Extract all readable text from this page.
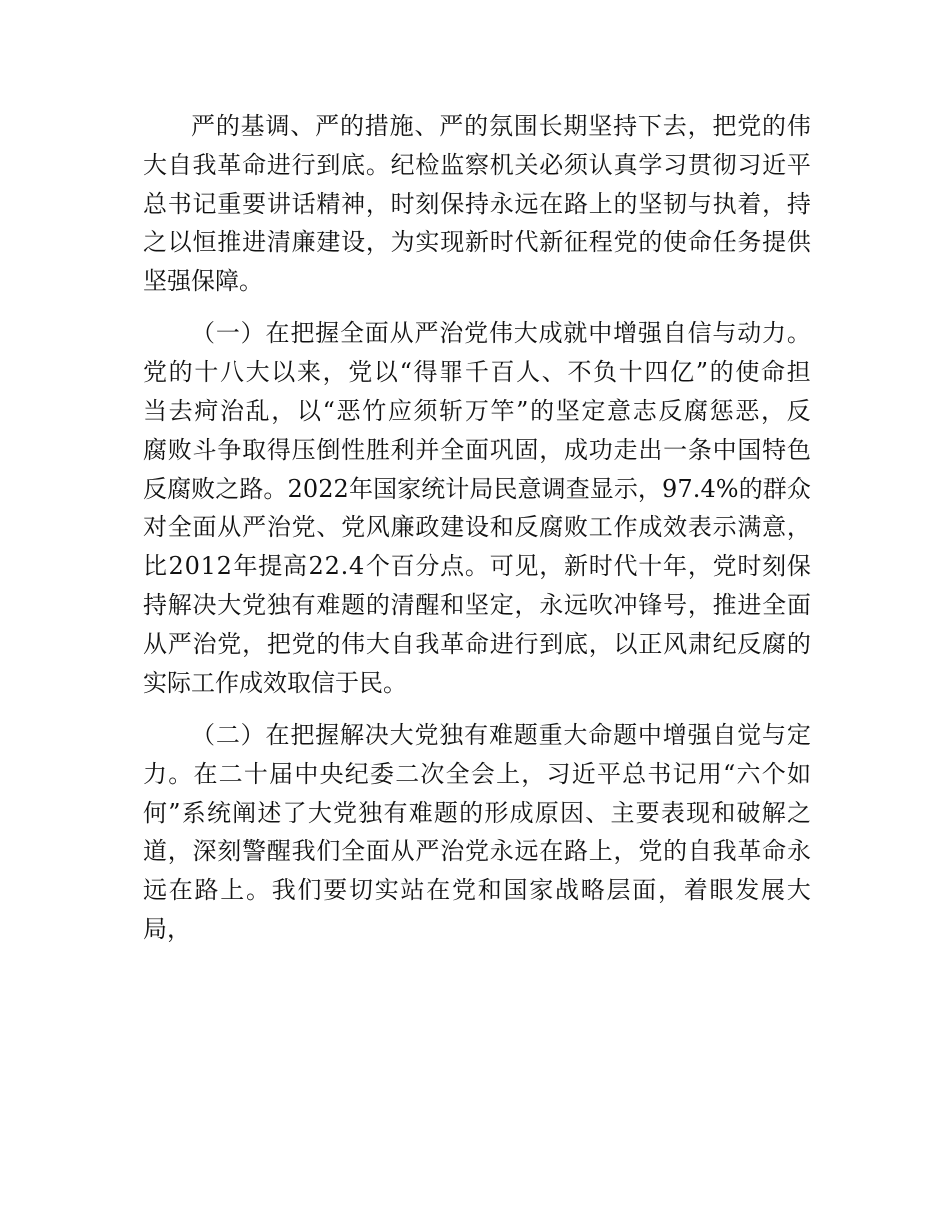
严 的 基 调 、 严 的 措 施 、 严 的 氛 围 长 期 坚 持 下 去 ， 把 党 的 伟
大 自 我 革 命 进 行 到 底 。 纪 检 监 察 机 关 必 须 认 真 学 习 贯 彻 习 近 平
总 书 记 重 要 讲 话 精 神 ， 时 刻 保 持 永 远 在 路 上 的 坚 韧 与 执 着 ， 持
之 以 恒 推 进 清 廉 建 设 ， 为 实 现 新 时 代 新 征 程 党 的 使 命 任 务 提 供
坚强保障。
（ 一 ） 在 把 握 全 面 从 严 治 党 伟 大 成 就 中 增 强 自 信 与 动 力 。
党 的 十 八 大 以 来 ， 党 以 “ 得 罪 千 百 人 、 不 负 十 四 亿 ” 的 使 命 担
当 去 疴 治 乱 ， 以 “ 恶 竹 应 须 斩 万 竿 ” 的 坚 定 意 志 反 腐 惩 恶 ， 反
腐 败 斗 争 取 得 压 倒 性 胜 利 并 全 面 巩 固 ， 成 功 走 出 一 条 中 国 特 色
反 腐 败 之 路 。 2 0 2 2 年 国 家 统 计 局 民 意 调 查 显 示 ， 9 7 . 4 % 的 群 众
对 全 面 从 严 治 党 、 党 风 廉 政 建 设 和 反 腐 败 工 作 成 效 表 示 满 意 ，
比 2 0 1 2 年 提 高 2 2 . 4 个 百 分 点 。 可 见 ， 新 时 代 十 年 ， 党 时 刻 保
持 解 决 大 党 独 有 难 题 的 清 醒 和 坚 定 ， 永 远 吹 冲 锋 号 ， 推 进 全 面
从 严 治 党 ， 把 党 的 伟 大 自 我 革 命 进 行 到 底 ， 以 正 风 肃 纪 反 腐 的
实际工作成效取信于民。
（ 二 ） 在 把 握 解 决 大 党 独 有 难 题 重 大 命 题 中 增 强 自 觉 与 定
力 。 在 二 十 届 中 央 纪 委 二 次 全 会 上 ， 习 近 平 总 书 记 用 “ 六 个 如
何 ” 系 统 阐 述 了 大 党 独 有 难 题 的 形 成 原 因 、 主 要 表 现 和 破 解 之
道 ， 深 刻 警 醒 我 们 全 面 从 严 治 党 永 远 在 路 上 ， 党 的 自 我 革 命 永
远 在 路 上 。 我 们 要 切 实 站 在 党 和 国 家 战 略 层 面 ， 着 眼 发 展 大
局，
